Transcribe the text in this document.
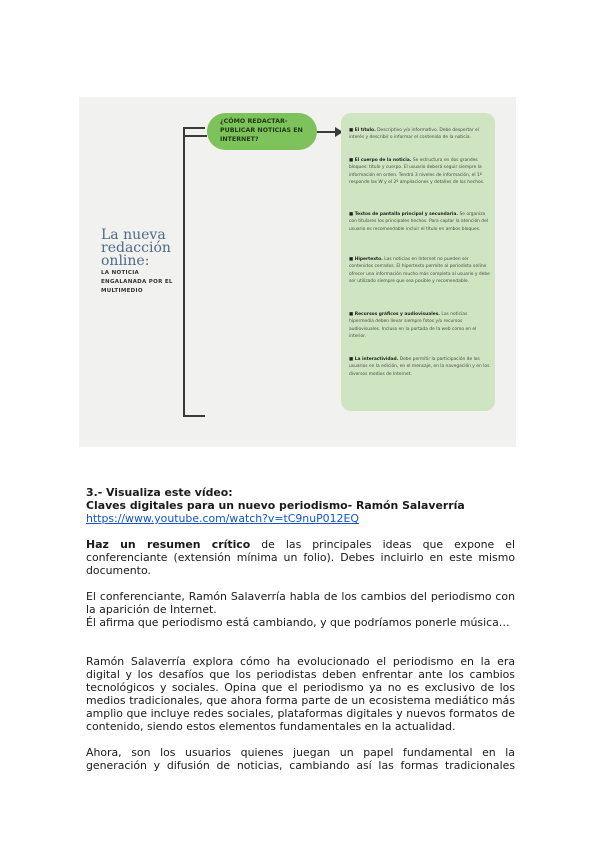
La nueva redacción online:
LA NOTICIA ENGALANADA POR EL MULTIMEDIO
¿CÓMO REDACTAR- PUBLICAR NOTICIAS EN INTERNET?
■ El título. Descriptivo y/o informativo. Debe despertar el interés y describir o informar el contenido de la noticia.
■ El cuerpo de la noticia. Se estructura en dos grandes bloques: título y cuerpo. El usuario deberá seguir siempre la información en orden. Tendrá 3 niveles de información, el 1º responde las W y el 2º ampliaciones y detalles de los hechos.
■ Textos de pantalla principal y secundaria. Se organiza con titulares los principales hechos. Para captar la atención del usuario es recomendable incluir el título en ambos bloques.
■ Hipertexto. Las noticias en Internet no pueden ser contenidos cerrados. El hipertexto permite al periodista online ofrecer una información mucho más completa al usuario y debe ser utilizado siempre que sea posible y recomendable.
■ Recursos gráficos y audiovisuales. Las noticias hipermedia deben llevar siempre fotos y/o recursos audiovisuales. Incluso en la portada de la web como en el interior.
■ La interactividad. Debe permitir la participación de los usuarios en la edición, en el mensaje, en la navegación y en los diversos medios de Internet.
3.- Visualiza este vídeo:
Claves digitales para un nuevo periodismo- Ramón Salaverría
https://www.youtube.com/watch?v=tC9nuP012EQ
Haz un resumen crítico de las principales ideas que expone el conferenciante (extensión mínima un folio). Debes incluirlo en este mismo documento.
El conferenciante, Ramón Salaverría habla de los cambios del periodismo con la aparición de Internet.
Él afirma que periodismo está cambiando, y que podríamos ponerle música…
Ramón Salaverría explora cómo ha evolucionado el periodismo en la era digital y los desafíos que los periodistas deben enfrentar ante los cambios tecnológicos y sociales. Opina que el periodismo ya no es exclusivo de los medios tradicionales, que ahora forma parte de un ecosistema mediático más amplio que incluye redes sociales, plataformas digitales y nuevos formatos de contenido, siendo estos elementos fundamentales en la actualidad.
Ahora, son los usuarios quienes juegan un papel fundamental en la generación y difusión de noticias, cambiando así las formas tradicionales
